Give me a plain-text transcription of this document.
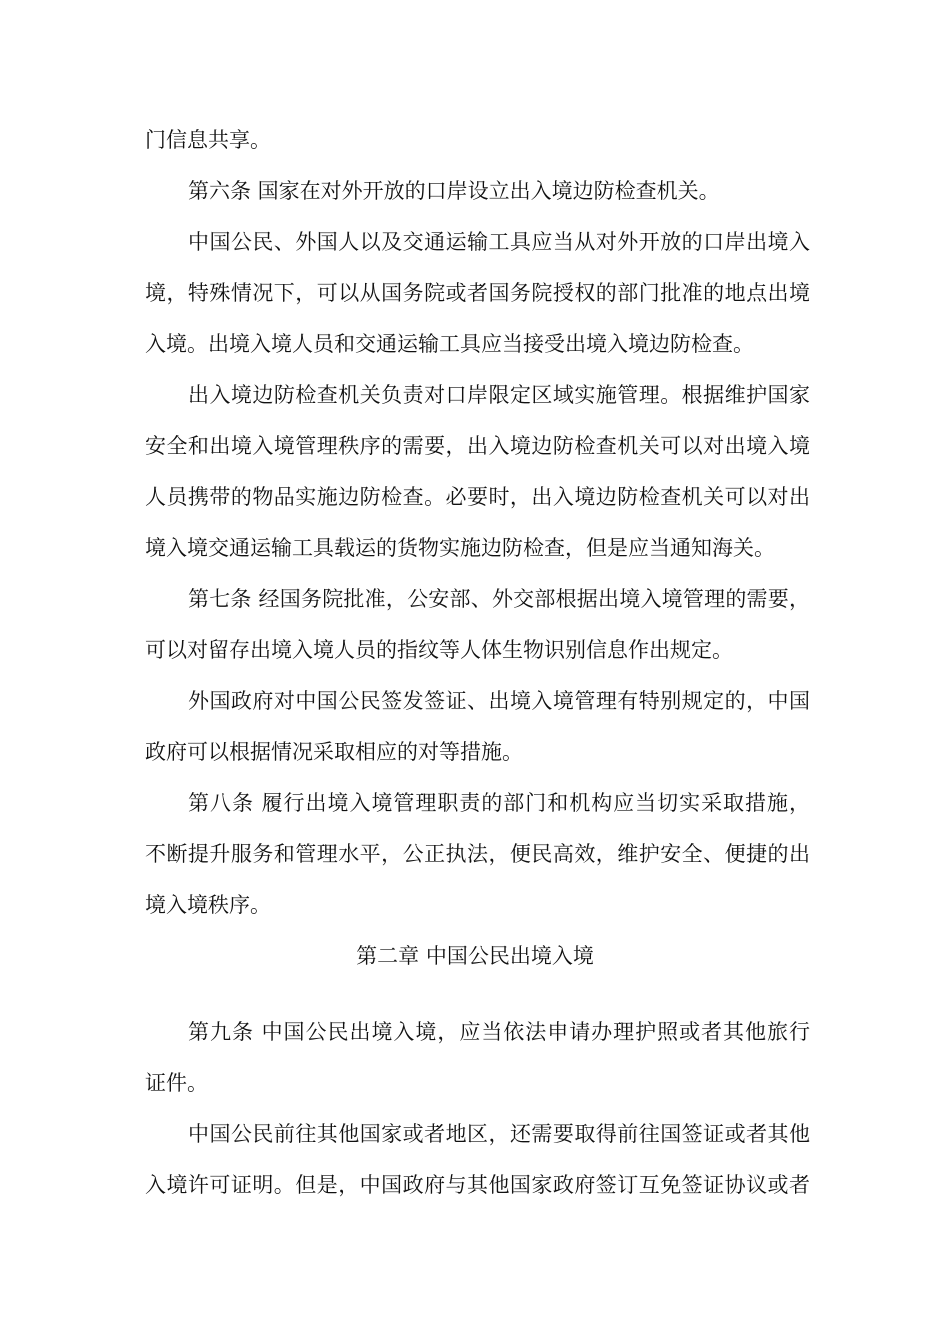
门信息共享。
第六条 国家在对外开放的口岸设立出入境边防检查机关。
中国公民、外国人以及交通运输工具应当从对外开放的口岸出境入
境，特殊情况下，可以从国务院或者国务院授权的部门批准的地点出境
入境。出境入境人员和交通运输工具应当接受出境入境边防检查。
出入境边防检查机关负责对口岸限定区域实施管理。根据维护国家
安全和出境入境管理秩序的需要，出入境边防检查机关可以对出境入境
人员携带的物品实施边防检查。必要时，出入境边防检查机关可以对出
境入境交通运输工具载运的货物实施边防检查，但是应当通知海关。
第七条 经国务院批准，公安部、外交部根据出境入境管理的需要，
可以对留存出境入境人员的指纹等人体生物识别信息作出规定。
外国政府对中国公民签发签证、出境入境管理有特别规定的，中国
政府可以根据情况采取相应的对等措施。
第八条 履行出境入境管理职责的部门和机构应当切实采取措施，
不断提升服务和管理水平，公正执法，便民高效，维护安全、便捷的出
境入境秩序。
第二章 中国公民出境入境
第九条 中国公民出境入境，应当依法申请办理护照或者其他旅行
证件。
中国公民前往其他国家或者地区，还需要取得前往国签证或者其他
入境许可证明。但是，中国政府与其他国家政府签订互免签证协议或者
